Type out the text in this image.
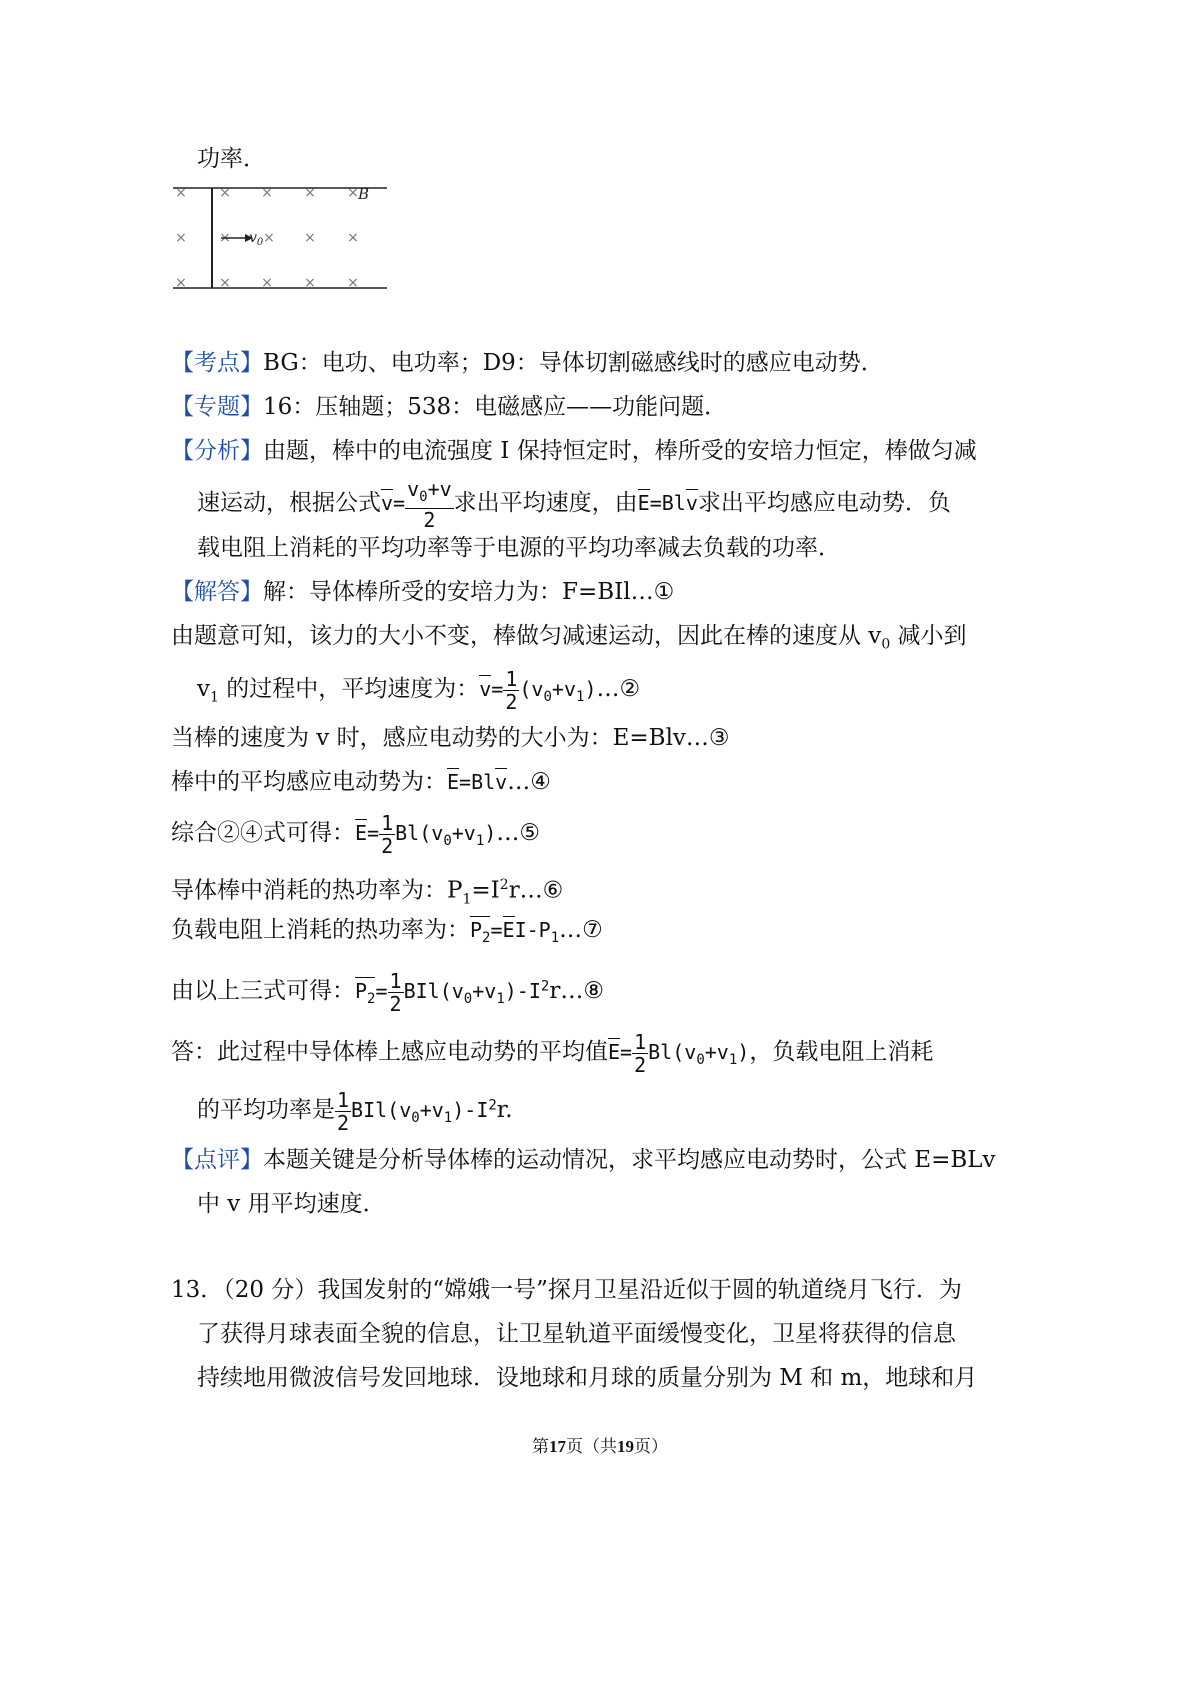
功率．
× × × × ×
× × × × ×
× × × × ×
$v_0$
B
【考点】BG：电功、电功率；D9：导体切割磁感线时的感应电动势．
【专题】16：压轴题；538：电磁感应——功能问题．
【分析】由题，棒中的电流强度 I 保持恒定时，棒所受的安培力恒定，棒做匀减
速运动，根据公式$v= \frac{v_0+v}{2}$ 求出平均速度，由E=Blv求出平均感应电动势．负
载电阻上消耗的平均功率等于电源的平均功率减去负载的功率．
【解答】解：导体棒所受的安培力为：F=BIl…①
由题意可知，该力的大小不变，棒做匀减速运动，因此在棒的速度从 $v_0$ 减小到
$v_1$ 的过程中，平均速度为：$v= \frac{1}{2}$ $(v_0+v_1)\dots ②$
当棒的速度为 v 时，感应电动势的大小为：E=Blv…③
棒中的平均感应电动势为：E=Blv…④
综合②④式可得：$E= \frac{1}{2}$ $Bl(v_0+v_1)\dots ⑤$
导体棒中消耗的热功率为：$P_1=I^2r\dots ⑥$
负载电阻上消耗的热功率为：$P_2=EI-P_1\dots ⑦$
由以上三式可得：$P_2= \frac{1}{2}$ $BIl(v_0+v_1)-I^2r\dots ⑧$
答：此过程中导体棒上感应电动势的平均值$E= \frac{1}{2} Bl(v_0+v_1)$，负载电阻上消耗
的平均功率是 $\frac{1}{2} BIl(v_0+v_1)-I^2r$.
【点评】本题关键是分析导体棒的运动情况，求平均感应电动势时，公式 E=BLv
中 v 用平均速度．
13．（20 分）我国发射的“嫦娥一号”探月卫星沿近似于圆的轨道绕月飞行．为
了获得月球表面全貌的信息，让卫星轨道平面缓慢变化，卫星将获得的信息
持续地用微波信号发回地球．设地球和月球的质量分别为 M 和 m，地球和月
第17页（共19页）
